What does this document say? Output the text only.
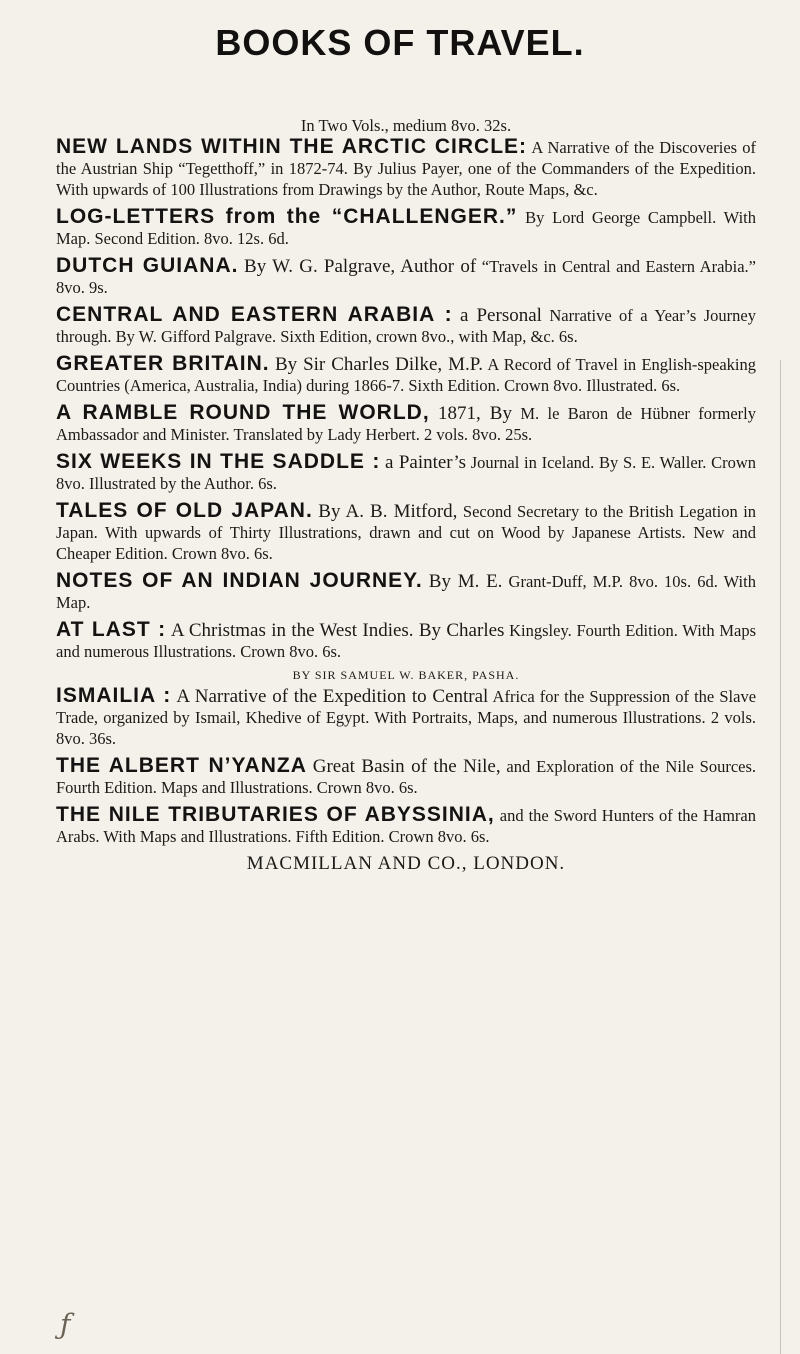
BOOKS OF TRAVEL.
In Two Vols., medium 8vo. 32s.
NEW LANDS WITHIN THE ARCTIC CIRCLE: A Narrative of the Discoveries of the Austrian Ship “Tegetthoff,” in 1872-74. By Julius Payer, one of the Commanders of the Expedition. With upwards of 100 Illustrations from Drawings by the Author, Route Maps, &c.
LOG-LETTERS from the “CHALLENGER.” By Lord George Campbell. With Map. Second Edition. 8vo. 12s. 6d.
DUTCH GUIANA. By W. G. Palgrave, Author of “Travels in Central and Eastern Arabia.” 8vo. 9s.
CENTRAL AND EASTERN ARABIA : a Personal Narrative of a Year’s Journey through. By W. Gifford Palgrave. Sixth Edition, crown 8vo., with Map, &c. 6s.
GREATER BRITAIN. By Sir Charles Dilke, M.P. A Record of Travel in English-speaking Countries (America, Australia, India) during 1866-7. Sixth Edition. Crown 8vo. Illustrated. 6s.
A RAMBLE ROUND THE WORLD, 1871, By M. le Baron de Hübner formerly Ambassador and Minister. Translated by Lady Herbert. 2 vols. 8vo. 25s.
SIX WEEKS IN THE SADDLE : a Painter’s Journal in Iceland. By S. E. Waller. Crown 8vo. Illustrated by the Author. 6s.
TALES OF OLD JAPAN. By A. B. Mitford, Second Secretary to the British Legation in Japan. With upwards of Thirty Illustrations, drawn and cut on Wood by Japanese Artists. New and Cheaper Edition. Crown 8vo. 6s.
NOTES OF AN INDIAN JOURNEY. By M. E. Grant-Duff, M.P. 8vo. 10s. 6d. With Map.
AT LAST : A Christmas in the West Indies. By Charles Kingsley. Fourth Edition. With Maps and numerous Illustrations. Crown 8vo. 6s.
BY SIR SAMUEL W. BAKER, PASHA.
ISMAILIA : A Narrative of the Expedition to Central Africa for the Suppression of the Slave Trade, organized by Ismail, Khedive of Egypt. With Portraits, Maps, and numerous Illustrations. 2 vols. 8vo. 36s.
THE ALBERT N’YANZA Great Basin of the Nile, and Exploration of the Nile Sources. Fourth Edition. Maps and Illustrations. Crown 8vo. 6s.
THE NILE TRIBUTARIES OF ABYSSINIA, and the Sword Hunters of the Hamran Arabs. With Maps and Illustrations. Fifth Edition. Crown 8vo. 6s.
MACMILLAN AND CO., LONDON.
ƒ
